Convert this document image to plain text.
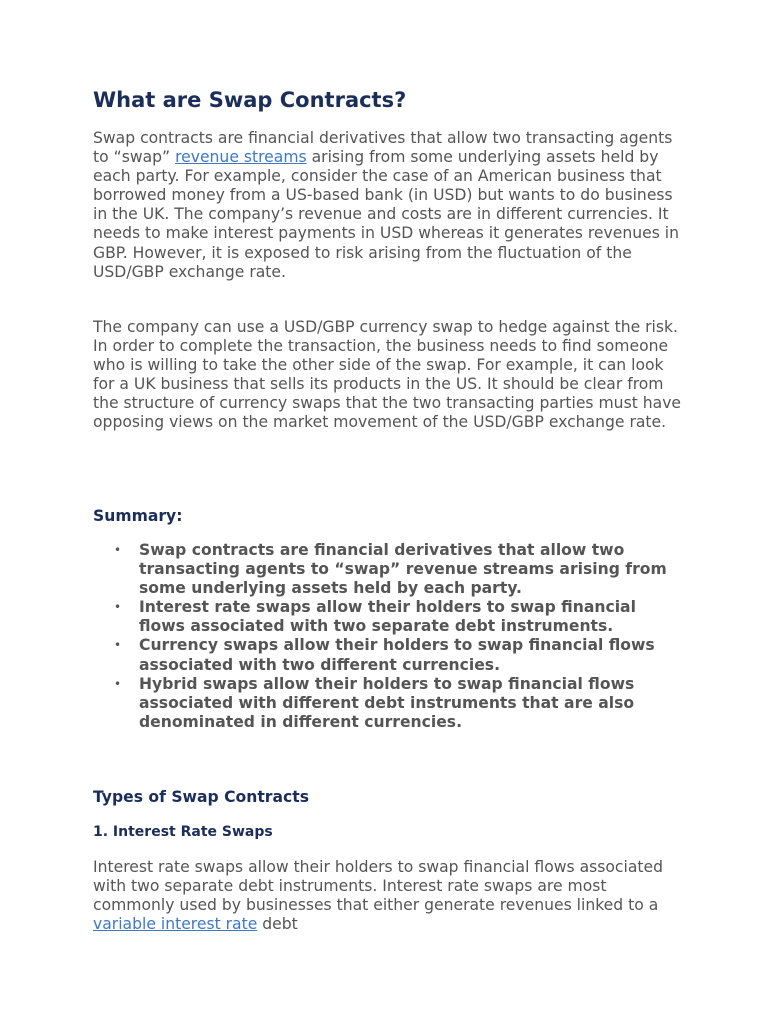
What are Swap Contracts?

Swap contracts are financial derivatives that allow two transacting agents to “swap” revenue streams arising from some underlying assets held by each party. For example, consider the case of an American business that borrowed money from a US-based bank (in USD) but wants to do business in the UK. The company’s revenue and costs are in different currencies. It needs to make interest payments in USD whereas it generates revenues in GBP. However, it is exposed to risk arising from the fluctuation of the USD/GBP exchange rate.

The company can use a USD/GBP currency swap to hedge against the risk. In order to complete the transaction, the business needs to find someone who is willing to take the other side of the swap. For example, it can look for a UK business that sells its products in the US. It should be clear from the structure of currency swaps that the two transacting parties must have opposing views on the market movement of the USD/GBP exchange rate.

Summary:
• Swap contracts are financial derivatives that allow two transacting agents to “swap” revenue streams arising from some underlying assets held by each party.
• Interest rate swaps allow their holders to swap financial flows associated with two separate debt instruments.
• Currency swaps allow their holders to swap financial flows associated with two different currencies.
• Hybrid swaps allow their holders to swap financial flows associated with different debt instruments that are also denominated in different currencies.
Types of Swap Contracts
1. Interest Rate Swaps

Interest rate swaps allow their holders to swap financial flows associated with two separate debt instruments. Interest rate swaps are most commonly used by businesses that either generate revenues linked to a variable interest rate debt
